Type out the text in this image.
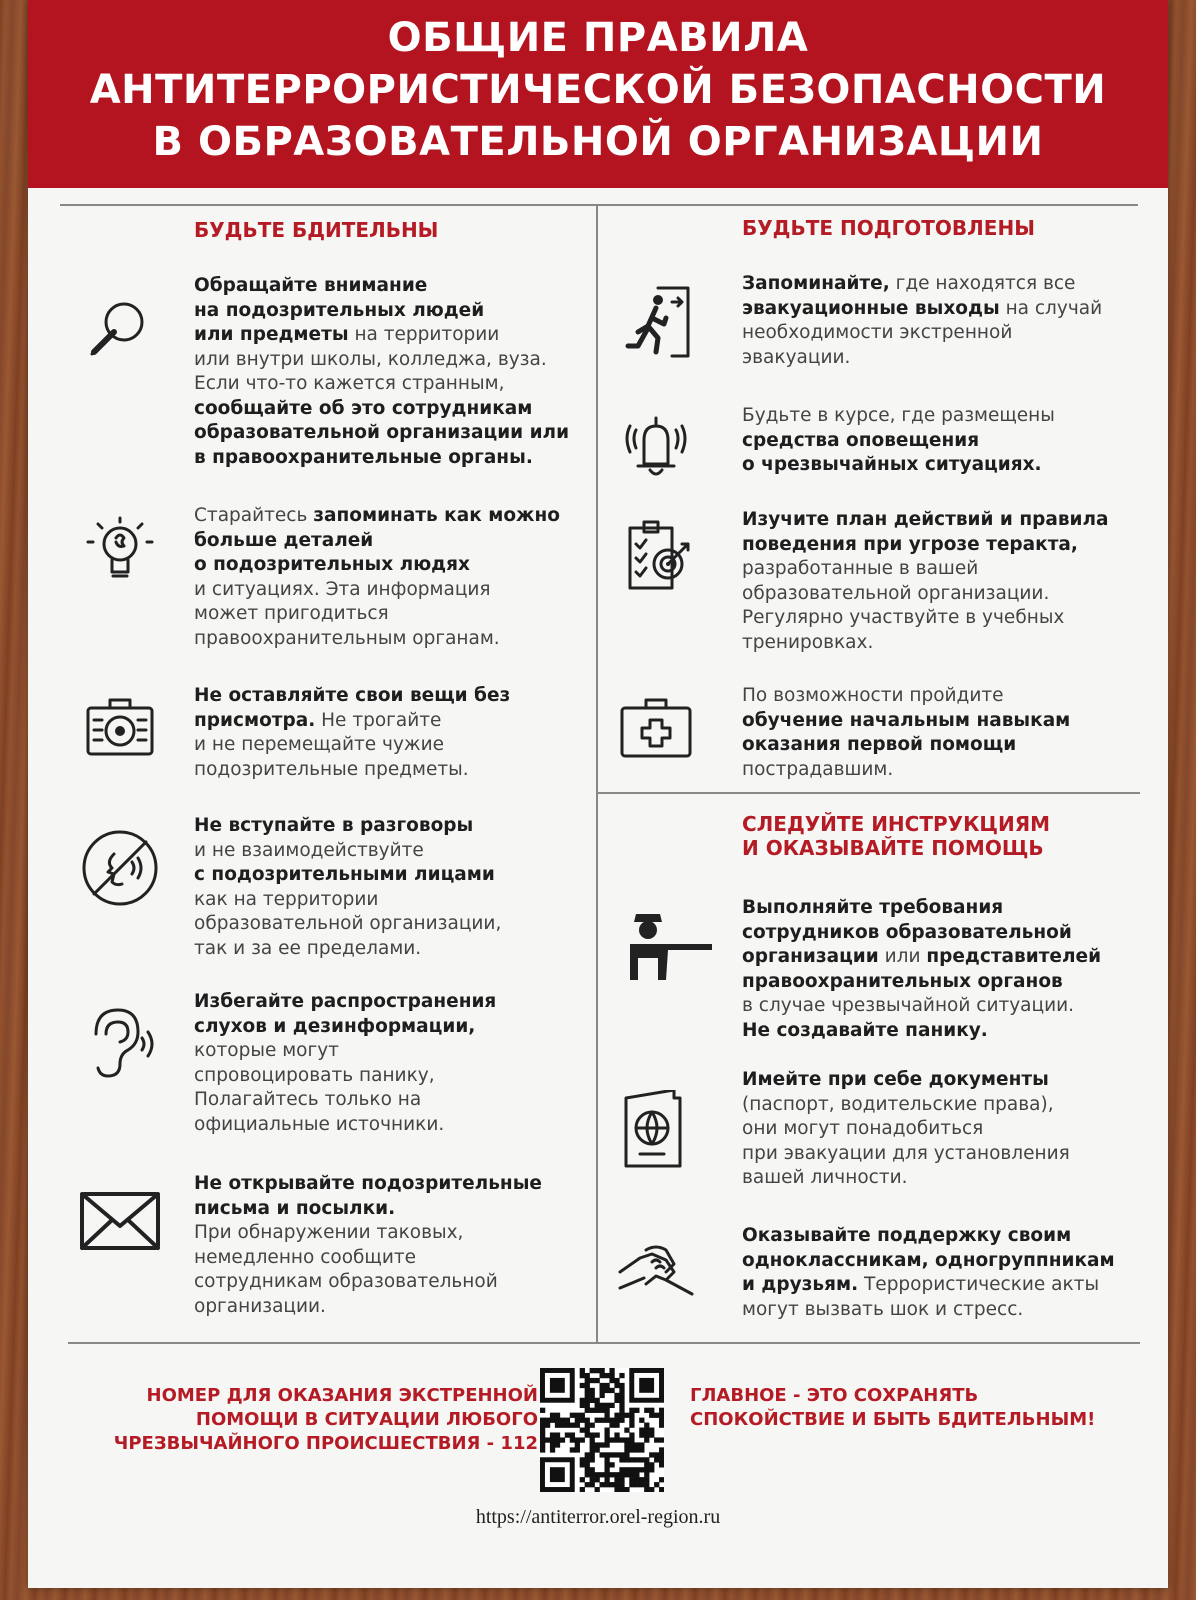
ОБЩИЕ ПРАВИЛА
АНТИТЕРРОРИСТИЧЕСКОЙ БЕЗОПАСНОСТИ
В ОБРАЗОВАТЕЛЬНОЙ ОРГАНИЗАЦИИ
БУДЬТЕ БДИТЕЛЬНЫ	БУДЬТЕ ПОДГОТОВЛЕНЫ
СЛЕДУЙТЕ ИНСТРУКЦИЯМ
И ОКАЗЫВАЙТЕ ПОМОЩЬ
Обращайте внимание
на подозрительных людей
или предметы на территории
или внутри школы, колледжа, вуза.
Если что-то кажется странным,
сообщайте об это сотрудникам
образовательной организации или
в правоохранительные органы.
Старайтесь запоминать как можно
больше деталей
о подозрительных людях
и ситуациях. Эта информация
может пригодиться
правоохранительным органам.
Не оставляйте свои вещи без
присмотра. Не трогайте
и не перемещайте чужие
подозрительные предметы.
Не вступайте в разговоры
и не взаимодействуйте
с подозрительными лицами
как на территории
образовательной организации,
так и за ее пределами.
Избегайте распространения
слухов и дезинформации,
которые могут
спровоцировать панику,
Полагайтесь только на
официальные источники.
Не открывайте подозрительные
письма и посылки.
При обнаружении таковых,
немедленно сообщите
сотрудникам образовательной
организации.
Запоминайте, где находятся все
эвакуационные выходы на случай
необходимости экстренной
эвакуации.
Будьте в курсе, где размещены
средства оповещения
о чрезвычайных ситуациях.
Изучите план действий и правила
поведения при угрозе теракта,
разработанные в вашей
образовательной организации.
Регулярно участвуйте в учебных
тренировках.
По возможности пройдите
обучение начальным навыкам
оказания первой помощи
пострадавшим.
Выполняйте требования
сотрудников образовательной
организации или представителей
правоохранительных органов
в случае чрезвычайной ситуации.
Не создавайте панику.
Имейте при себе документы
(паспорт, водительские права),
они могут понадобиться
при эвакуации для установления
вашей личности.
Оказывайте поддержку своим
одноклассникам, одногруппникам
и друзьям. Террористические акты
могут вызвать шок и стресс.
НОМЕР ДЛЯ ОКАЗАНИЯ ЭКСТРЕННОЙ
ПОМОЩИ В СИТУАЦИИ ЛЮБОГО
ЧРЕЗВЫЧАЙНОГО ПРОИСШЕСТВИЯ - 112
ГЛАВНОЕ - ЭТО СОХРАНЯТЬ
СПОКОЙСТВИЕ И БЫТЬ БДИТЕЛЬНЫМ!
https://antiterror.orel-region.ru
